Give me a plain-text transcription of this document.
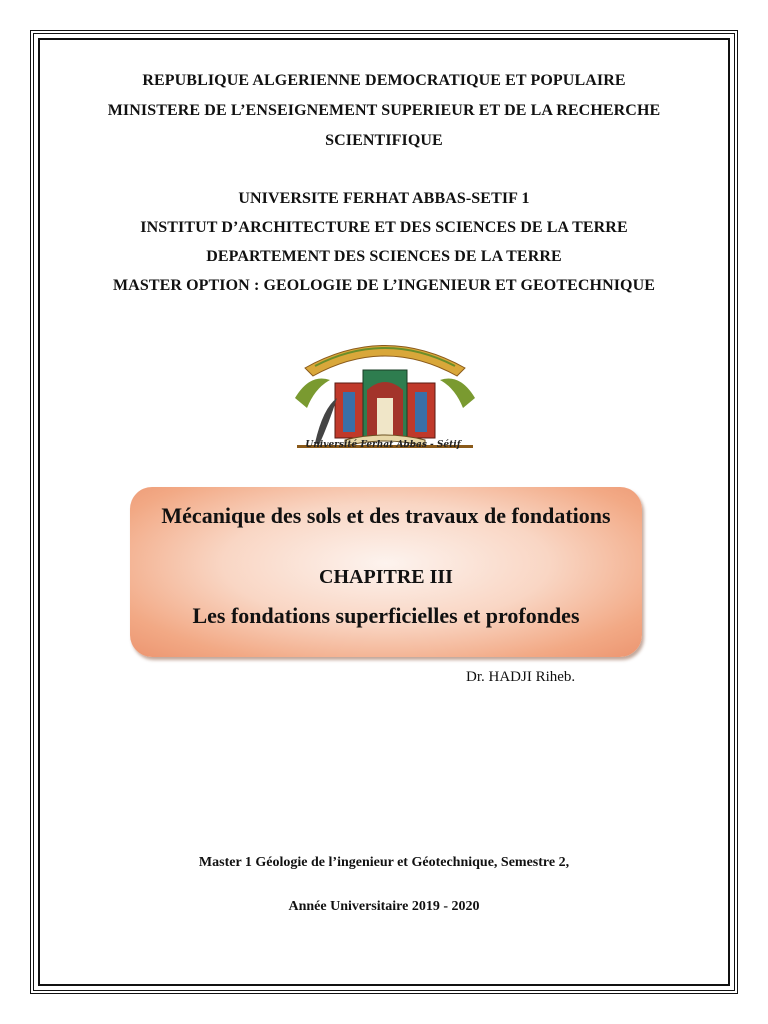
REPUBLIQUE ALGERIENNE DEMOCRATIQUE ET POPULAIRE
MINISTERE DE L’ENSEIGNEMENT SUPERIEUR ET DE LA RECHERCHE
SCIENTIFIQUE
UNIVERSITE FERHAT ABBAS-SETIF 1
INSTITUT D’ARCHITECTURE ET DES SCIENCES DE LA TERRE
DEPARTEMENT DES SCIENCES DE LA TERRE
MASTER OPTION : GEOLOGIE DE L’INGENIEUR ET GEOTECHNIQUE
Université Ferhat Abbas - Sétif
Mécanique des sols et des travaux de fondations
CHAPITRE III
Les fondations superficielles et profondes
Dr. HADJI Riheb.
Master 1 Géologie de l’ingenieur et Géotechnique, Semestre 2,
Année Universitaire 2019 - 2020
